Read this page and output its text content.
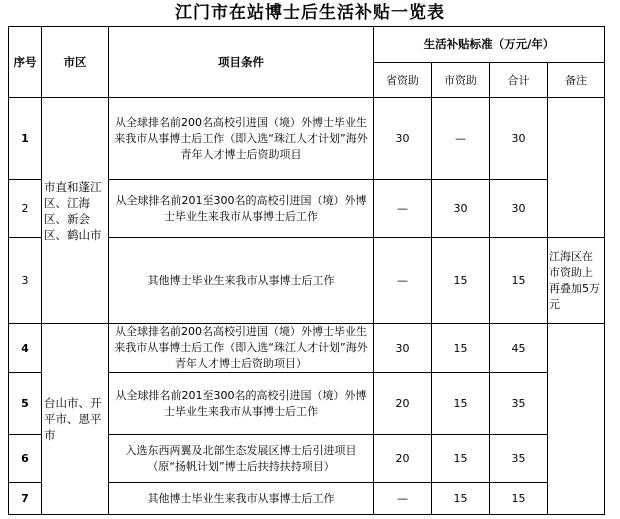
江门市在站博士后生活补贴一览表
序号	市区	项目条件	生活补贴标准（万元/年）			
			省资助	市资助	合计	备注
1	市直和蓬江区、江海区、新会区、鹤山市	从全球排名前200名高校引进国（境）外博士毕业生来我市从事博士后工作（即入选“珠江人才计划”海外青年人才博士后资助项目	30	—	30	
2		从全球排名前201至300名的高校引进国（境）外博士毕业生来我市从事博士后工作	—	30	30	
3		其他博士毕业生来我市从事博士后工作	—	15	15	江海区在市资助上再叠加5万元
4	台山市、开平市、恩平市	从全球排名前200名高校引进国（境）外博士毕业生来我市从事博士后工作（即入选“珠江人才计划”海外青年人才博士后资助项目）	30	15	45	
5		从全球排名前201至300名的高校引进国（境）外博士毕业生来我市从事博士后工作	20	15	35	
6		入选东西两翼及北部生态发展区博士后引进项目（原“扬帆计划”博士后扶持扶持项目）	20	15	35	
7		其他博士毕业生来我市从事博士后工作	—	15	15	
